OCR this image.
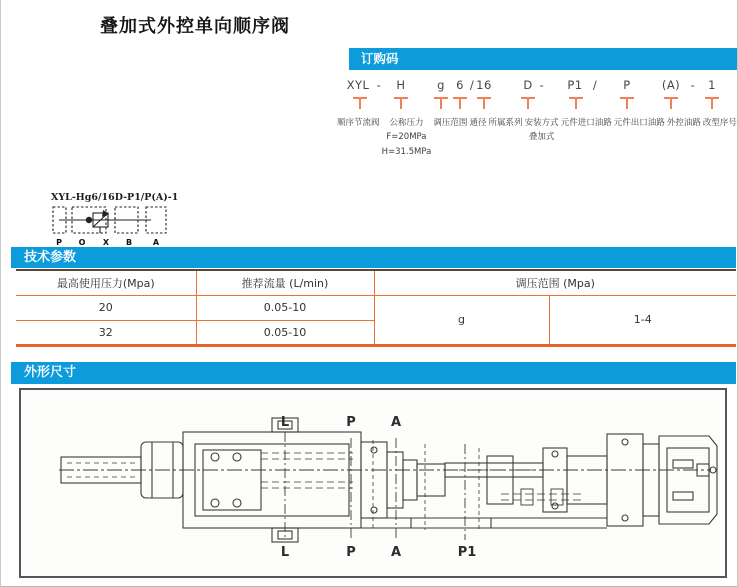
叠加式外控单向顺序阀
订购码
XYL - H	g 6 / 16	D - P1 / P	(A) - 1
顺序节流阀	公称压力
F=20MPa
H=31.5MPa
调压范围 通径 所属系列 安装方式
叠加式
元件进口油路 元件出口油路 外控油路 改型序号
XYL-Hg6/16D-P1/P(A)-1
P O X B	A
技术参数
最高使用压力(Mpa)	推荐流量 (L/min)	调压范围 (Mpa)	
20	0.05-10	g	1-4
32	0.05-10		
外形尺寸
L	P	A
L	P	A	P1
